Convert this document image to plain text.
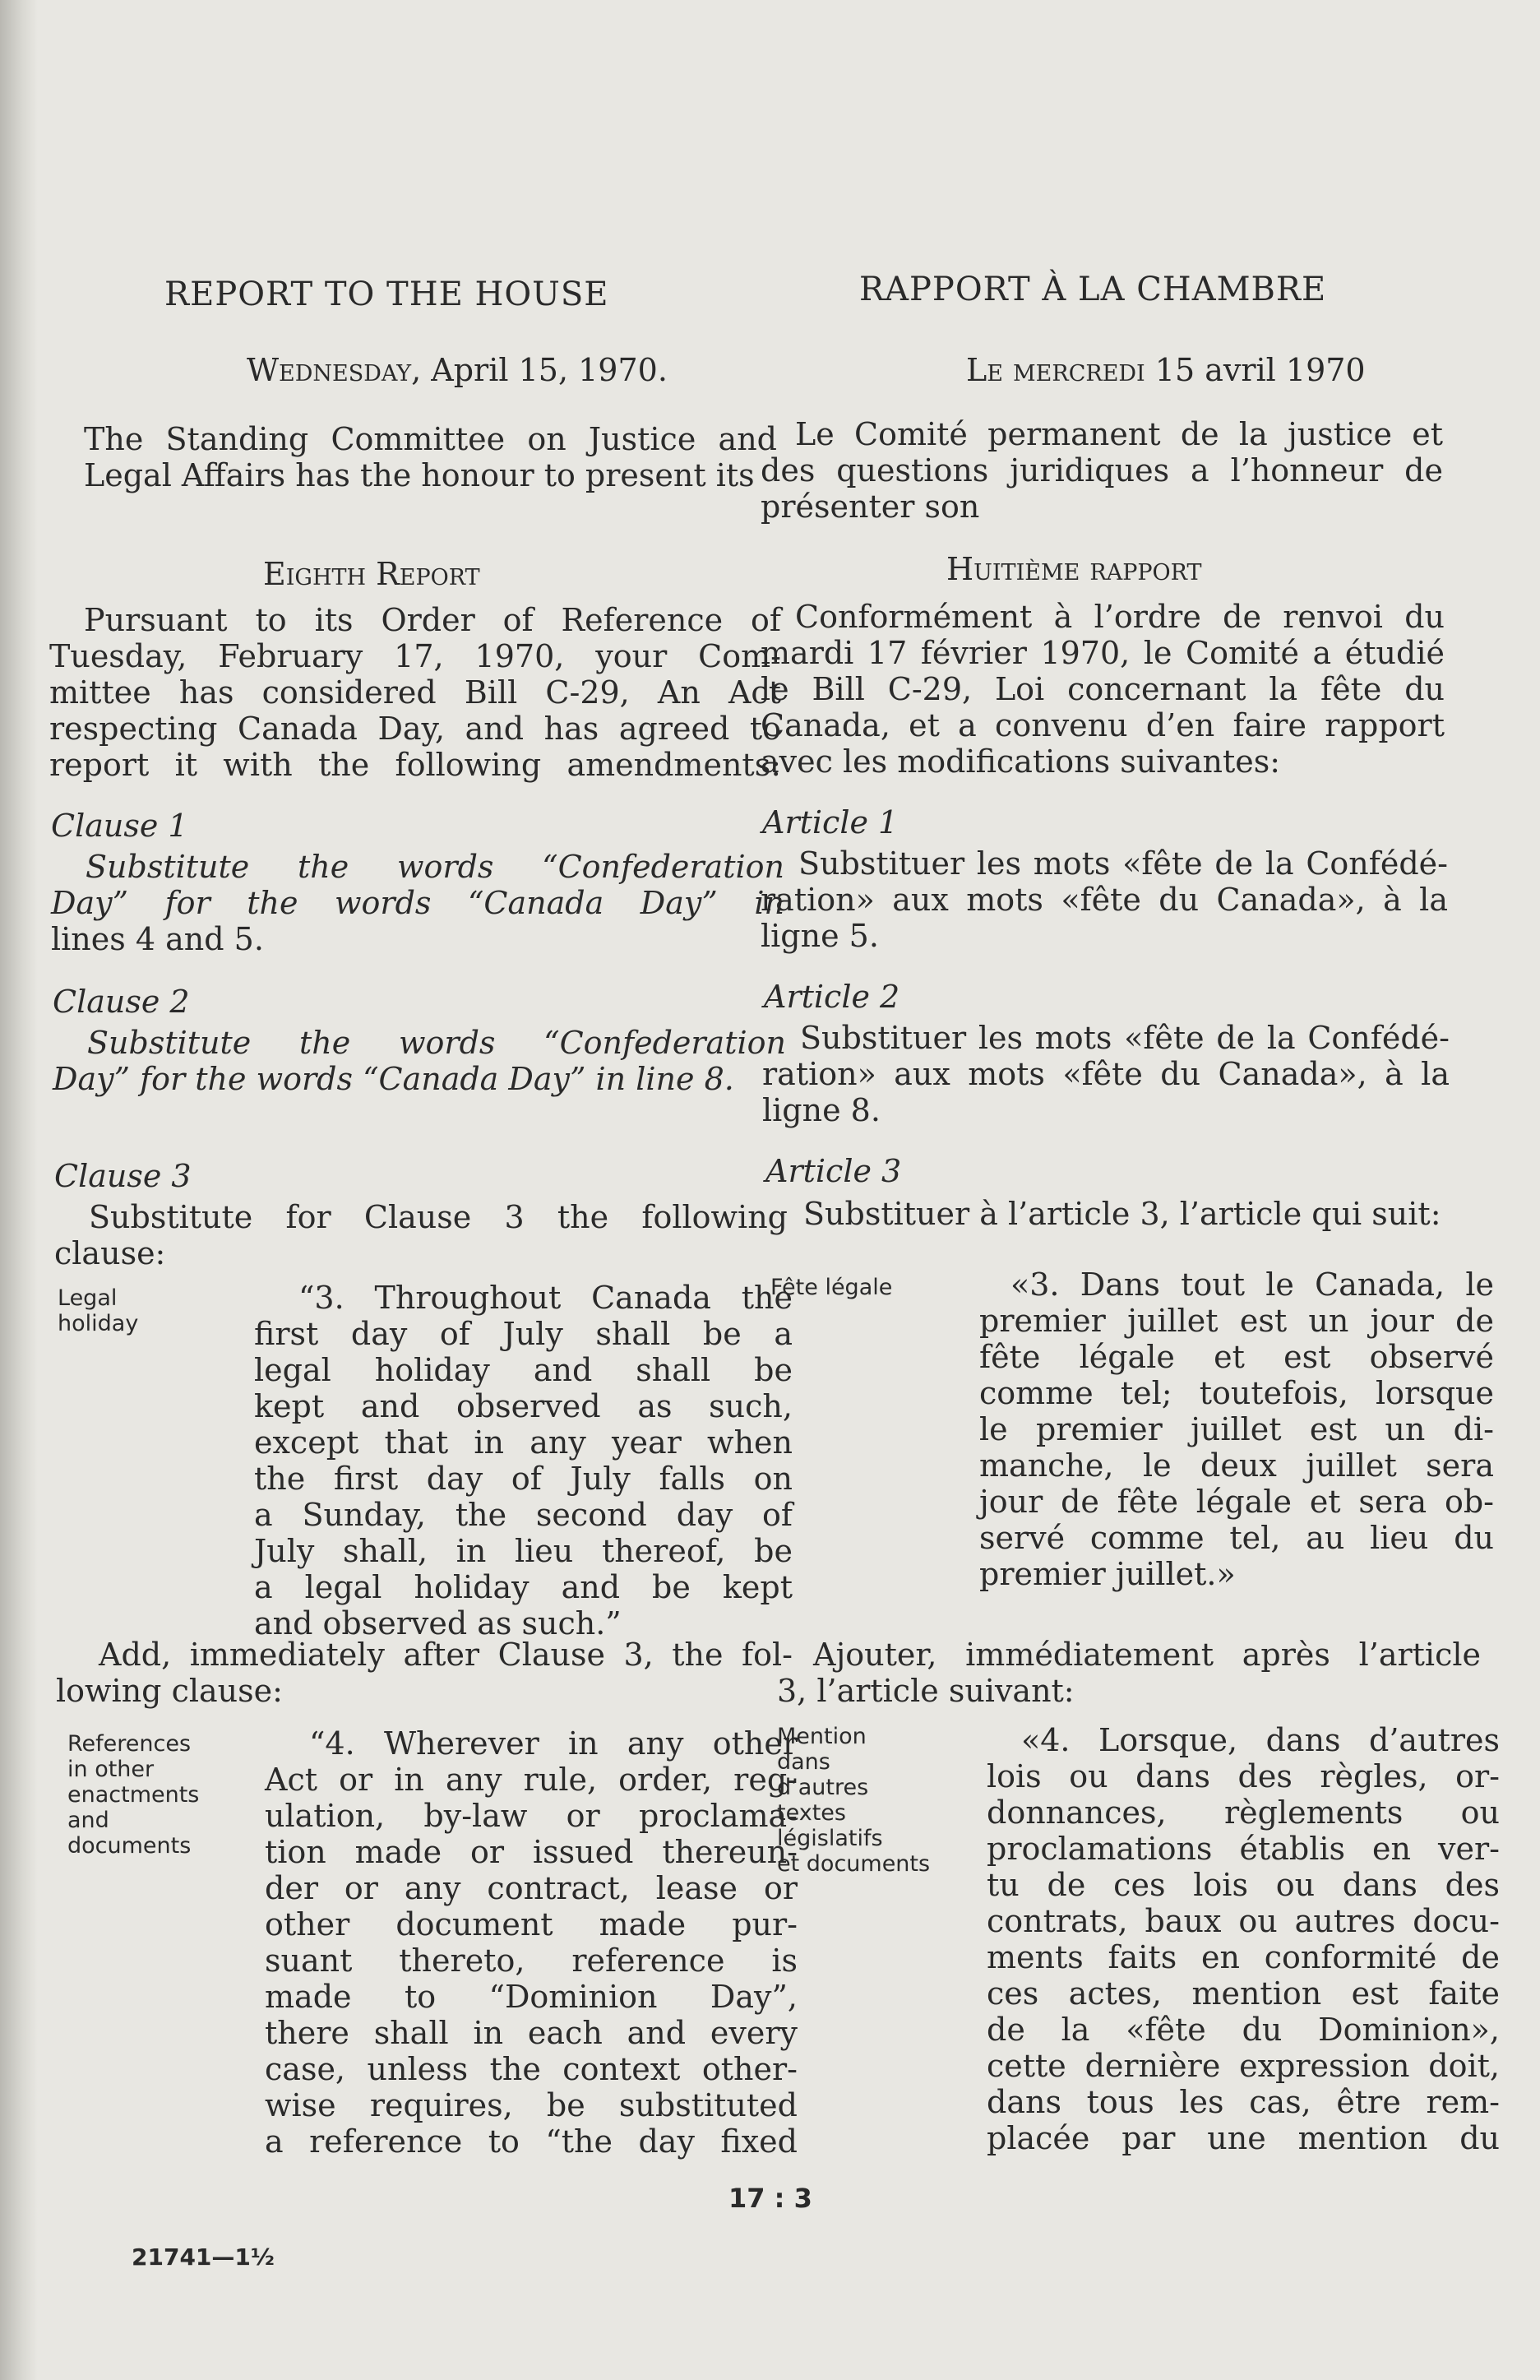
REPORT TO THE HOUSE
Wednesday, April 15, 1970.
The Standing Committee on Justice and
Legal Affairs has the honour to present its
Eighth Report
Pursuant to its Order of Reference of
Tuesday, February 17, 1970, your Com-
mittee has considered Bill C-29, An Act
respecting Canada Day, and has agreed to
report it with the following amendments:
Clause 1
Substitute the words “Confederation
Day” for the words “Canada Day” in
lines 4 and 5.
Clause 2
Substitute the words “Confederation
Day” for the words “Canada Day” in line 8.
Clause 3
Substitute for Clause 3 the following
clause:
Legal
holiday
“3. Throughout Canada the
first day of July shall be a
legal holiday and shall be
kept and observed as such,
except that in any year when
the first day of July falls on
a Sunday, the second day of
July shall, in lieu thereof, be
a legal holiday and be kept
and observed as such.”
Add, immediately after Clause 3, the fol-
lowing clause:
References
in other
enactments
and
documents
“4. Wherever in any other
Act or in any rule, order, reg-
ulation, by-law or proclama-
tion made or issued thereun-
der or any contract, lease or
other document made pur-
suant thereto, reference is
made to “Dominion Day”,
there shall in each and every
case, unless the context other-
wise requires, be substituted
a reference to “the day fixed
RAPPORT À LA CHAMBRE
Le mercredi 15 avril 1970
Le Comité permanent de la justice et
des questions juridiques a l’honneur de
présenter son
Huitième rapport
Conformément à l’ordre de renvoi du
mardi 17 février 1970, le Comité a étudié
le Bill C-29, Loi concernant la fête du
Canada, et a convenu d’en faire rapport
avec les modifications suivantes:
Article 1
Substituer les mots «fête de la Confédé-
ration» aux mots «fête du Canada», à la
ligne 5.
Article 2
Substituer les mots «fête de la Confédé-
ration» aux mots «fête du Canada», à la
ligne 8.
Article 3
Substituer à l’article 3, l’article qui suit:
Fête légale	«3. Dans tout le Canada, le
premier juillet est un jour de
fête légale et est observé
comme tel; toutefois, lorsque
le premier juillet est un di-
manche, le deux juillet sera
jour de fête légale et sera ob-
servé comme tel, au lieu du
premier juillet.»
Ajouter, immédiatement après l’article
3, l’article suivant:
Mention
dans
d’autres
textes
législatifs
et documents
«4. Lorsque, dans d’autres
lois ou dans des règles, or-
donnances, règlements ou
proclamations établis en ver-
tu de ces lois ou dans des
contrats, baux ou autres docu-
ments faits en conformité de
ces actes, mention est faite
de la «fête du Dominion»,
cette dernière expression doit,
dans tous les cas, être rem-
placée par une mention du
17 : 3
21741—1½
